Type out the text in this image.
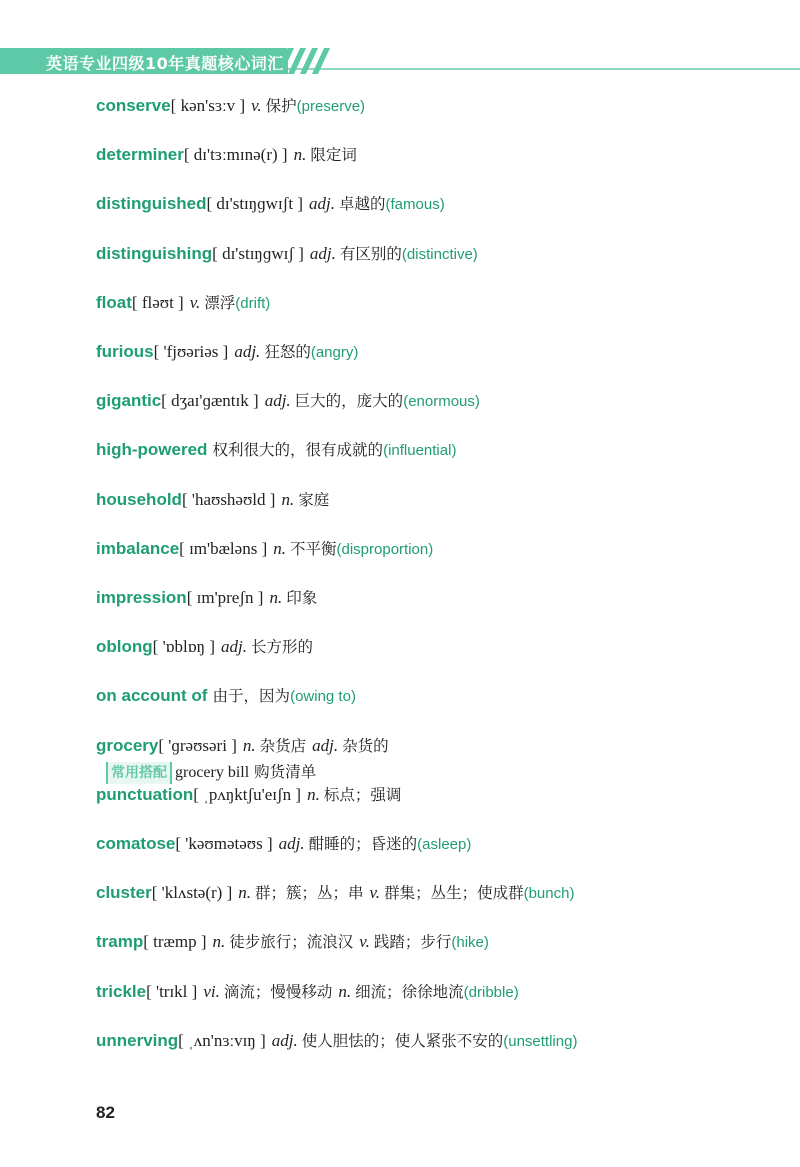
英语专业四级10年真题核心词汇
conserve[ kən'sɜːv ] v. 保护(preserve)
determiner[ dɪ'tɜːmɪnə(r) ] n. 限定词
distinguished[ dɪ'stɪŋɡwɪʃt ] adj. 卓越的(famous)
distinguishing[ dɪ'stɪŋɡwɪʃ ] adj. 有区别的(distinctive)
float[ fləʊt ] v. 漂浮(drift)
furious[ 'fjʊəriəs ] adj. 狂怒的(angry)
gigantic[ dʒaɪ'ɡæntɪk ] adj. 巨大的，庞大的(enormous)
high-powered 权利很大的，很有成就的(influential)
household[ 'haʊshəʊld ] n. 家庭
imbalance[ ɪm'bæləns ] n. 不平衡(disproportion)
impression[ ɪm'preʃn ] n. 印象
oblong[ 'ɒblɒŋ ] adj. 长方形的
on account of 由于，因为(owing to)
grocery[ 'ɡrəʊsəri ] n. 杂货店 adj. 杂货的
punctuation[ ˌpʌŋktʃu'eɪʃn ] n. 标点；强调
comatose[ 'kəʊmətəʊs ] adj. 酣睡的；昏迷的(asleep)
cluster[ 'klʌstə(r) ] n. 群；簇；丛；串 v. 群集；丛生；使成群(bunch)
tramp[ træmp ] n. 徒步旅行；流浪汉 v. 践踏；步行(hike)
trickle[ 'trɪkl ] vi. 滴流；慢慢移动 n. 细流；徐徐地流(dribble)
unnerving[ ˌʌn'nɜːvɪŋ ] adj. 使人胆怯的；使人紧张不安的(unsettling)
常用搭配 grocery bill 购货清单
82
